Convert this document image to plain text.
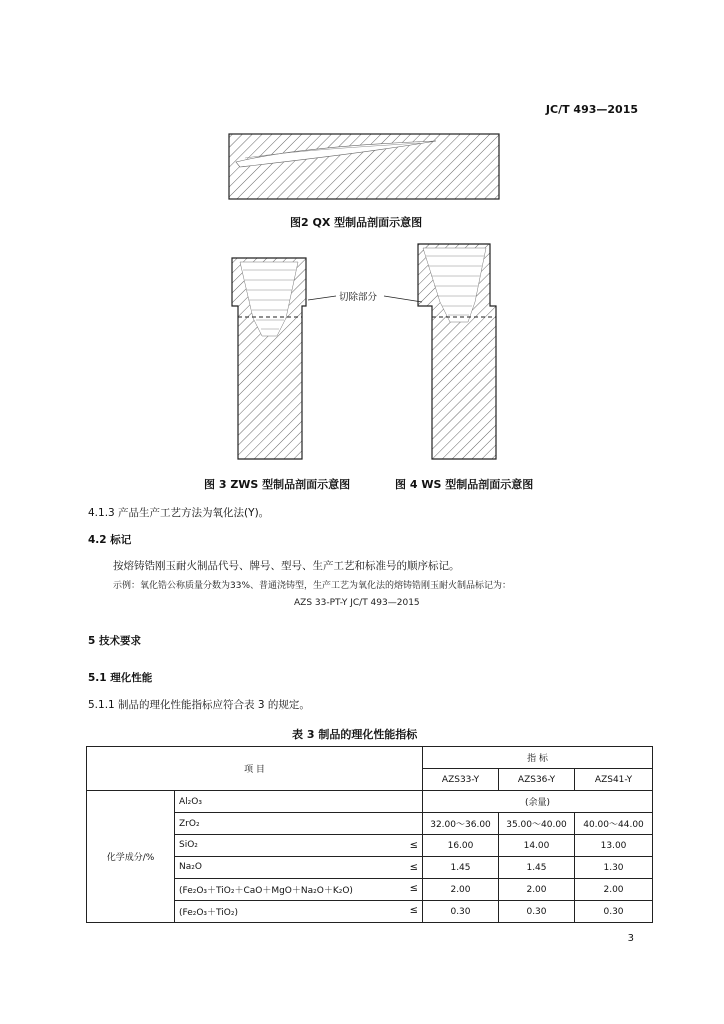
JC/T 493—2015
切除部分
图2 QX 型制品剖面示意图
图 3 ZWS 型制品剖面示意图	图 4 WS 型制品剖面示意图
4.1.3 产品生产工艺方法为氧化法(Y)。
4.2 标记
按熔铸锆刚玉耐火制品代号、牌号、型号、生产工艺和标准号的顺序标记。
示例：氧化锆公称质量分数为33%、普通浇铸型，生产工艺为氧化法的熔铸锆刚玉耐火制品标记为：
AZS 33-PT-Y JC/T 493—2015
5 技术要求
5.1 理化性能
5.1.1 制品的理化性能指标应符合表 3 的规定。
表 3 制品的理化性能指标
项 目		指 标		
		AZS33-Y	AZS36-Y	AZS41-Y
化学成分/%	Al₂O₃	(余量)		
	ZrO₂	32.00～36.00	35.00～40.00	40.00～44.00
	SiO₂ ≤	16.00	14.00	13.00
	Na₂O ≤	1.45	1.45	1.30
	(Fe₂O₃＋TiO₂＋CaO＋MgO＋Na₂O＋K₂O) ≤	2.00	2.00	2.00
	(Fe₂O₃＋TiO₂) ≤	0.30	0.30	0.30
3
